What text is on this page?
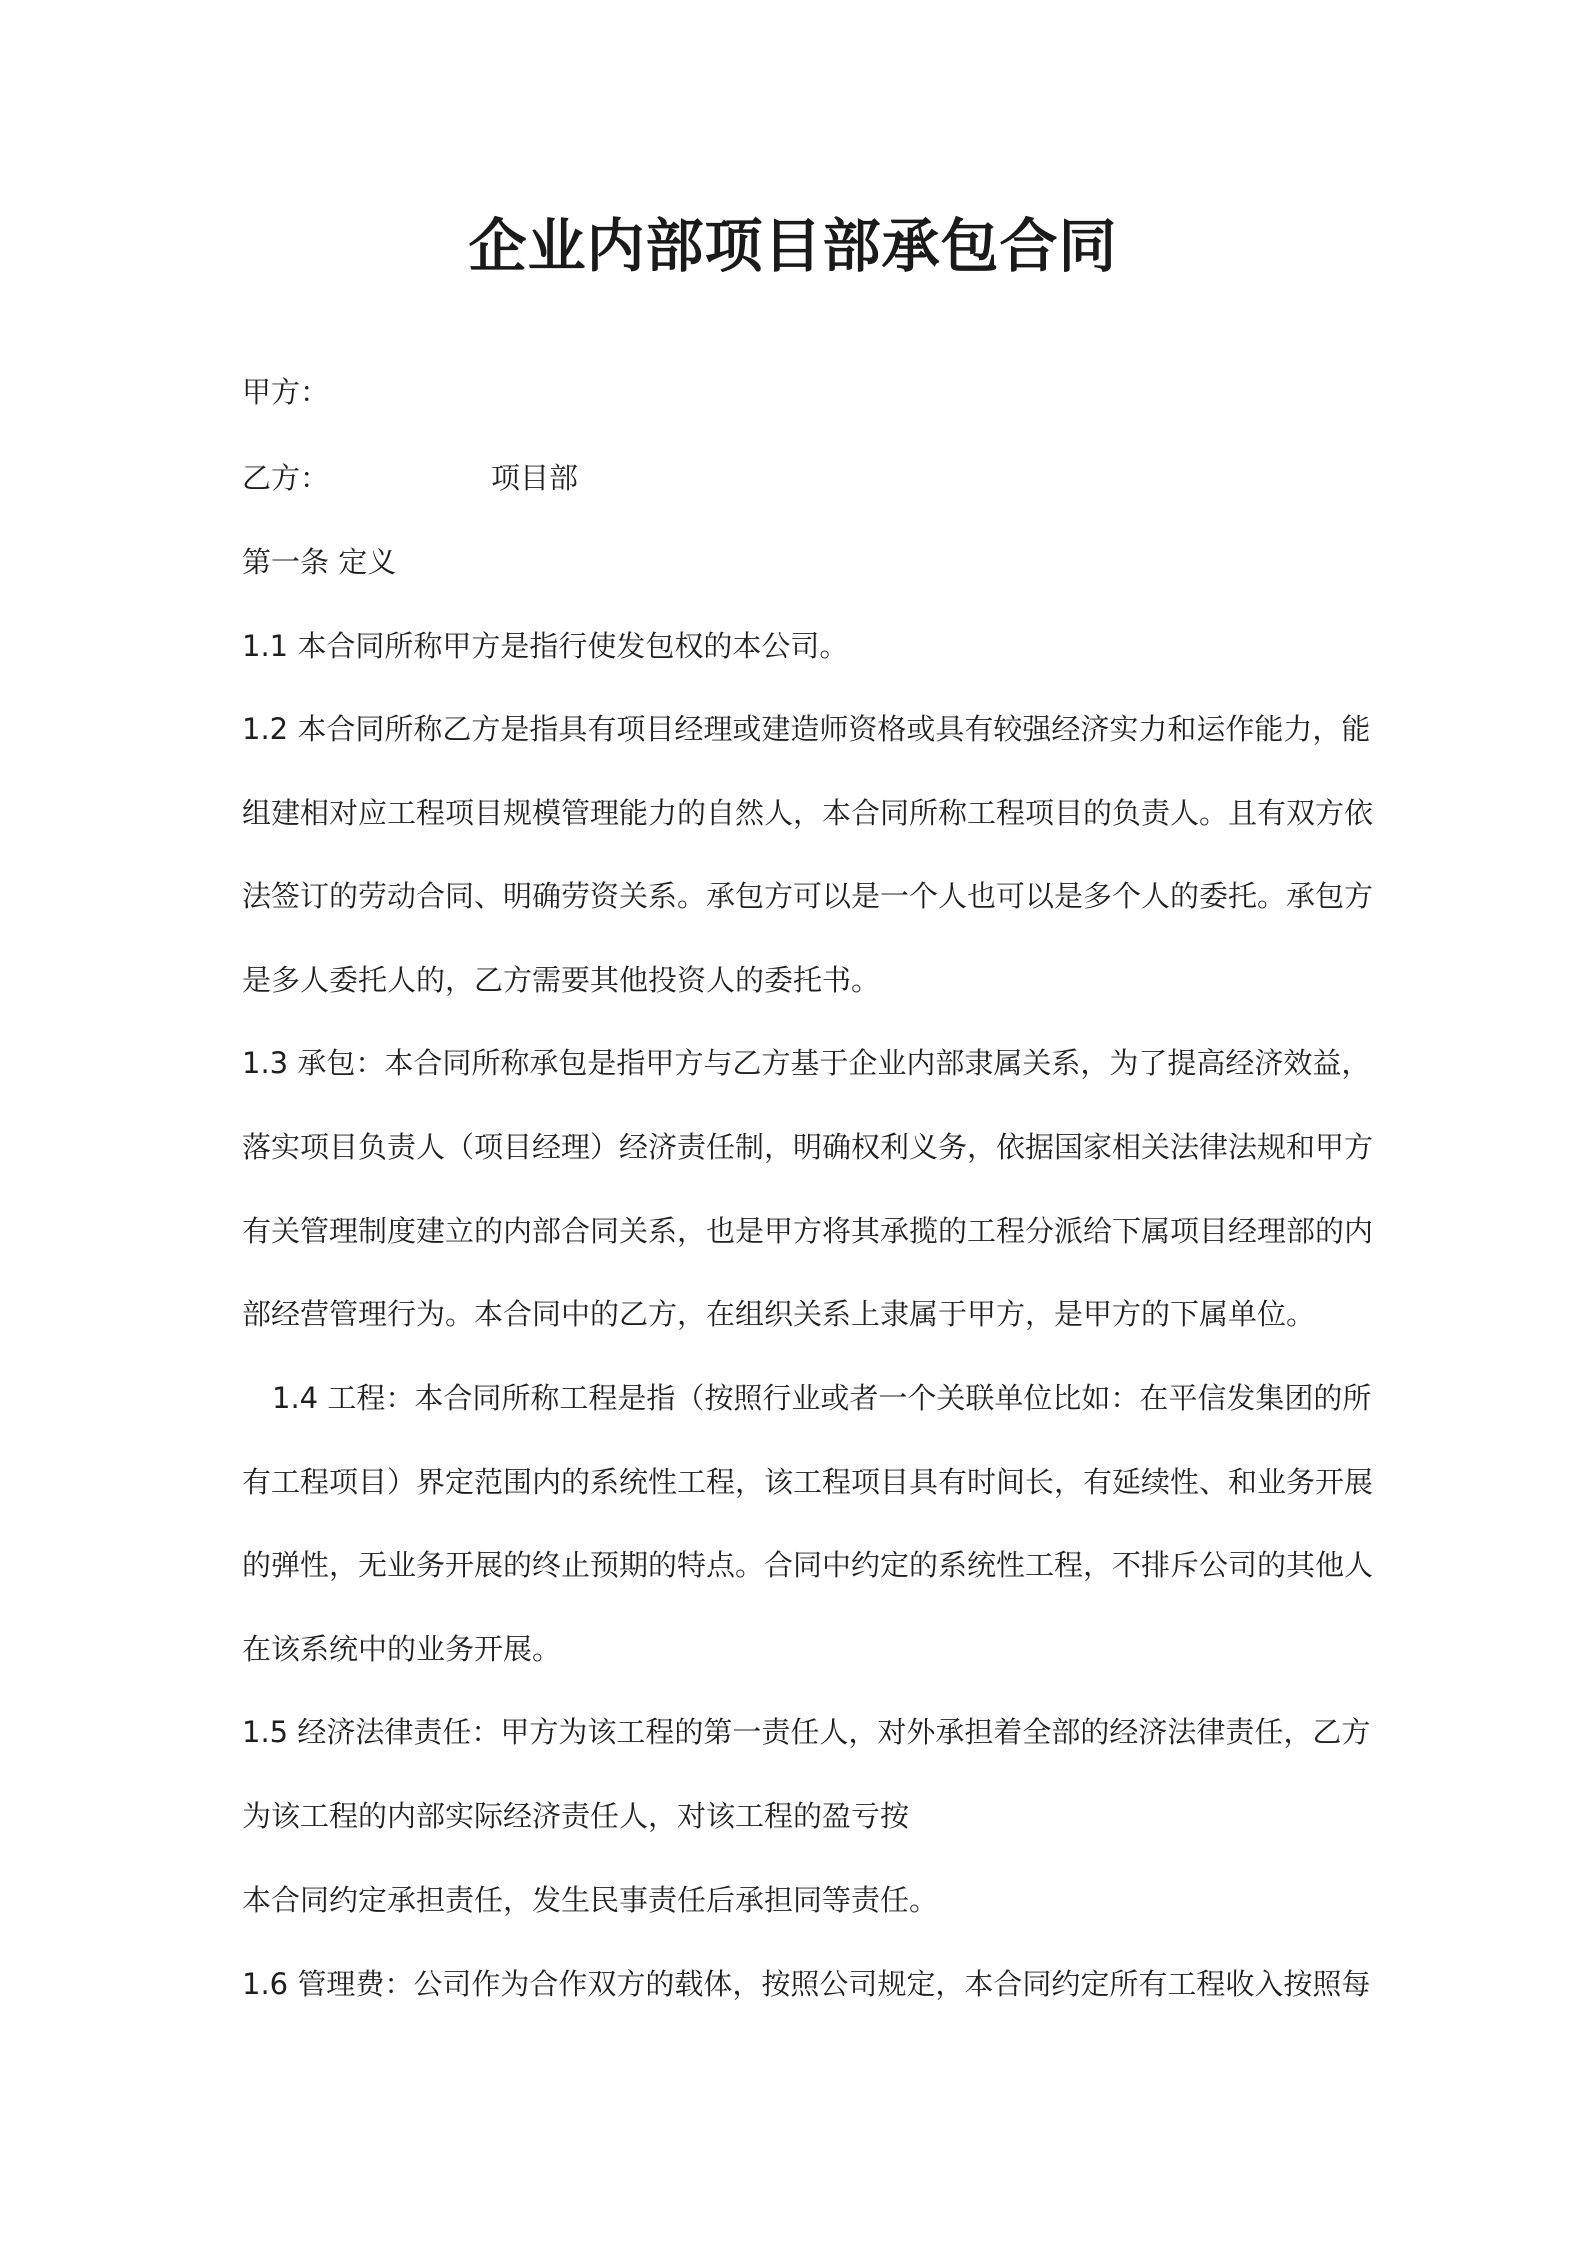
企业内部项目部承包合同
甲方：
乙方：	项目部
第一条 定义
1.1 本合同所称甲方是指行使发包权的本公司。
1.2 本合同所称乙方是指具有项目经理或建造师资格或具有较强经济实力和运作能力，能
组建相对应工程项目规模管理能力的自然人，本合同所称工程项目的负责人。且有双方依
法签订的劳动合同、明确劳资关系。承包方可以是一个人也可以是多个人的委托。承包方
是多人委托人的，乙方需要其他投资人的委托书。
1.3 承包：本合同所称承包是指甲方与乙方基于企业内部隶属关系，为了提高经济效益，
落实项目负责人（项目经理）经济责任制，明确权利义务，依据国家相关法律法规和甲方
有关管理制度建立的内部合同关系，也是甲方将其承揽的工程分派给下属项目经理部的内
部经营管理行为。本合同中的乙方，在组织关系上隶属于甲方，是甲方的下属单位。
1.4 工程：本合同所称工程是指（按照行业或者一个关联单位比如：在平信发集团的所
有工程项目）界定范围内的系统性工程，该工程项目具有时间长，有延续性、和业务开展
的弹性，无业务开展的终止预期的特点。合同中约定的系统性工程，不排斥公司的其他人
在该系统中的业务开展。
1.5 经济法律责任：甲方为该工程的第一责任人，对外承担着全部的经济法律责任，乙方
为该工程的内部实际经济责任人，对该工程的盈亏按
本合同约定承担责任，发生民事责任后承担同等责任。
1.6 管理费：公司作为合作双方的载体，按照公司规定，本合同约定所有工程收入按照每
